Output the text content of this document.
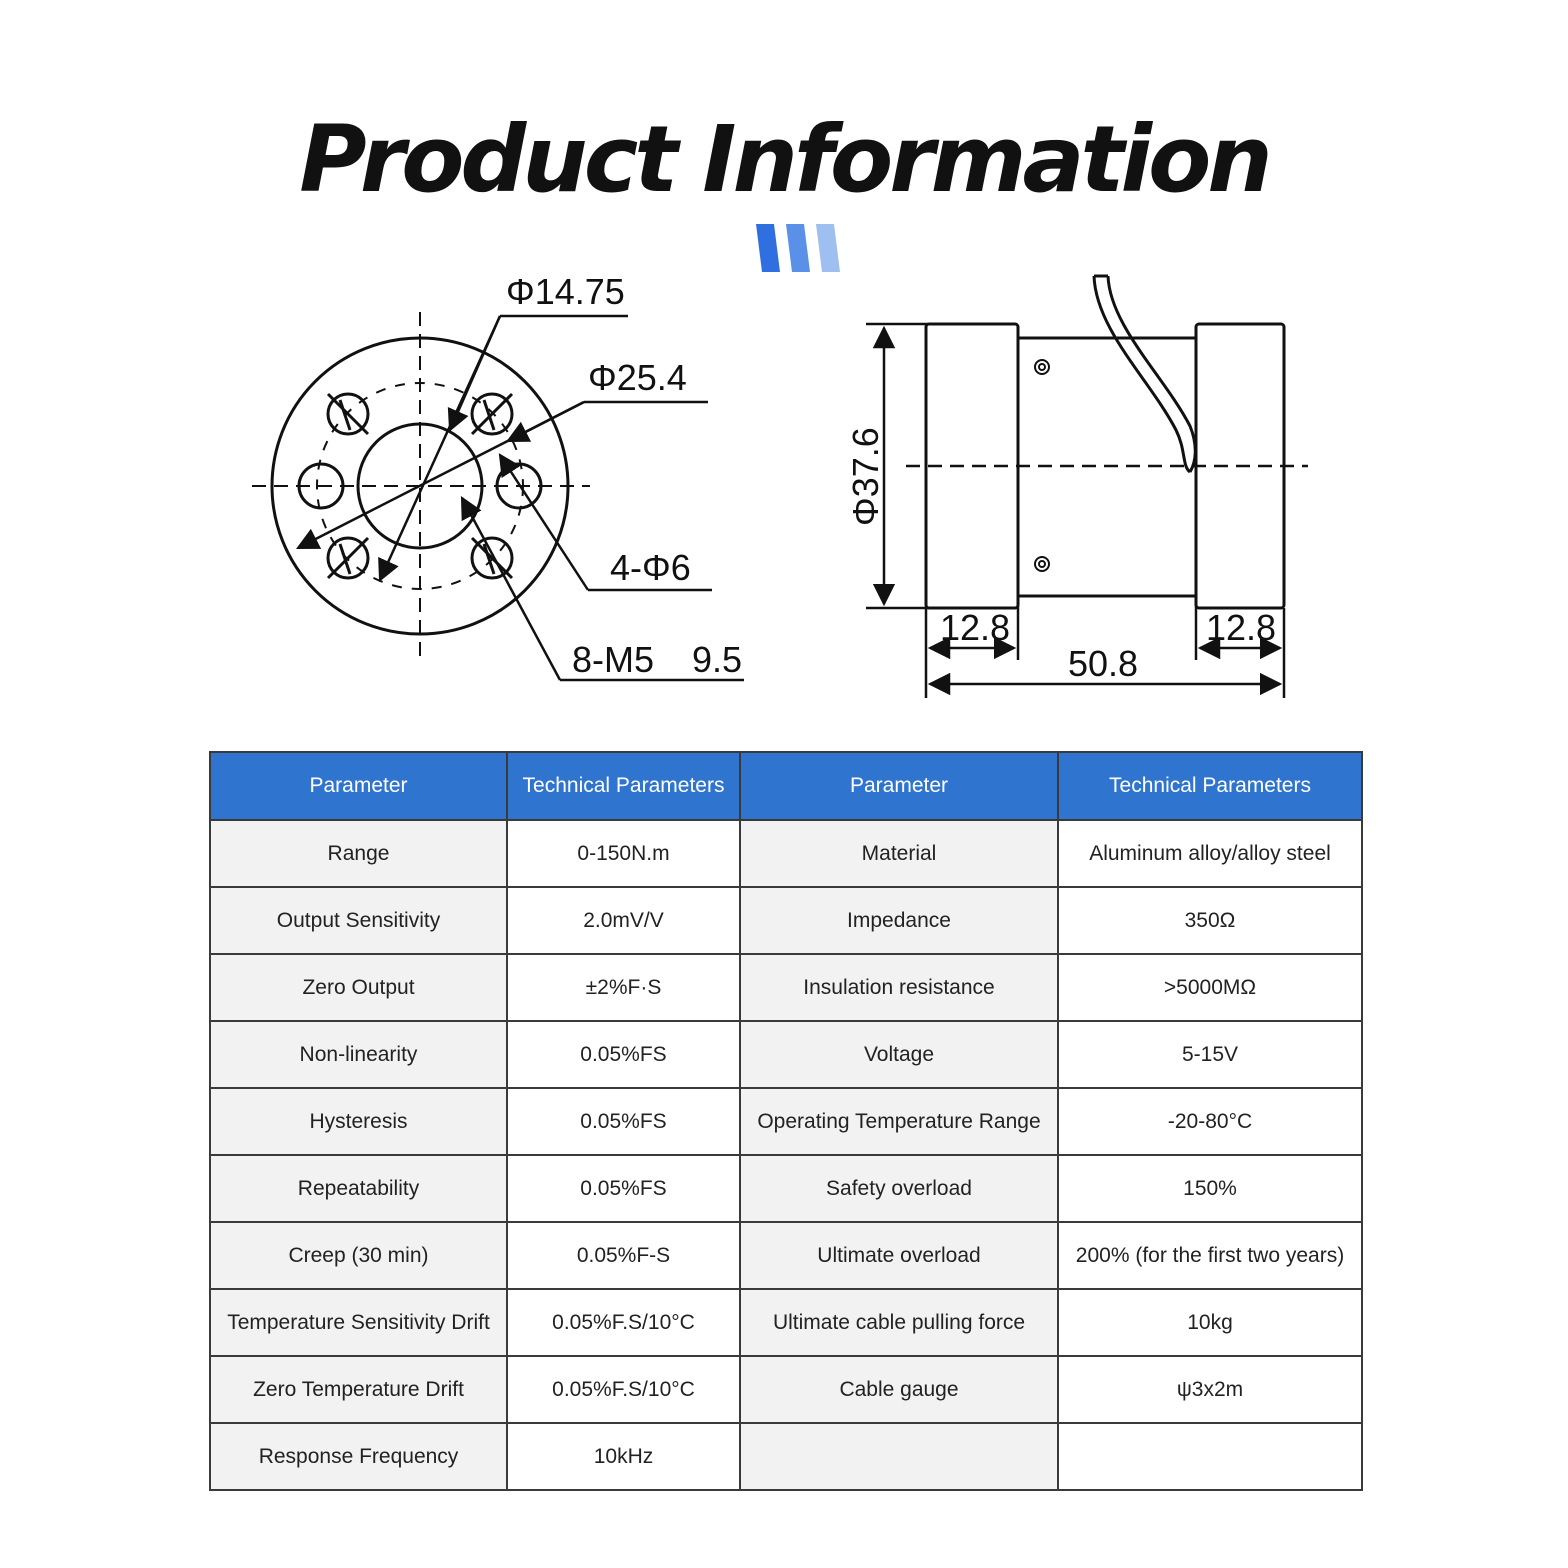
Product Information
Φ14.75
Φ25.4
4-Φ6
8-M5 9.5
Φ37.6
12.8	12.8
50.8
Parameter	Technical Parameters	Parameter	Technical Parameters
Range	0-150N.m	Material	Aluminum alloy/alloy steel
Output Sensitivity	2.0mV/V	Impedance	350Ω
Zero Output	±2%F·S	Insulation resistance	>5000MΩ
Non-linearity	0.05%FS	Voltage	5-15V
Hysteresis	0.05%FS	Operating Temperature Range	-20-80°C
Repeatability	0.05%FS	Safety overload	150%
Creep (30 min)	0.05%F-S	Ultimate overload	200% (for the first two years)
Temperature Sensitivity Drift	0.05%F.S/10°C	Ultimate cable pulling force	10kg
Zero Temperature Drift	0.05%F.S/10°C	Cable gauge	ψ3x2m
Response Frequency	10kHz		
